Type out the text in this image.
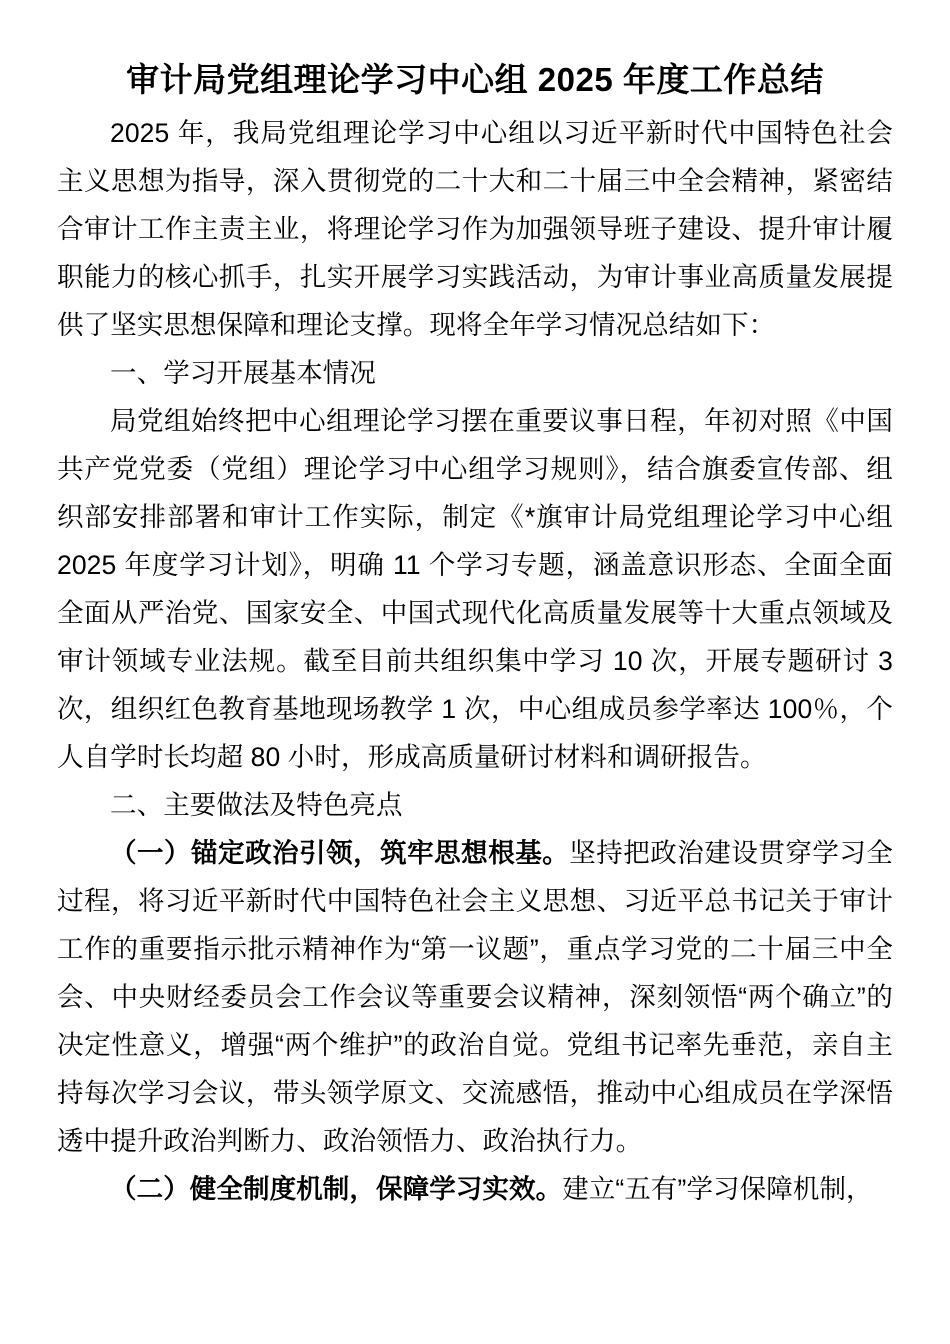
审计局党组理论学习中心组 2025 年度工作总结

2025 年，我局党组理论学习中心组以习近平新时代中国特色社会主义思想为指导，深入贯彻党的二十大和二十届三中全会精神，紧密结合审计工作主责主业，将理论学习作为加强领导班子建设、提升审计履职能力的核心抓手，扎实开展学习实践活动，为审计事业高质量发展提供了坚实思想保障和理论支撑。现将全年学习情况总结如下：

一、学习开展基本情况

局党组始终把中心组理论学习摆在重要议事日程，年初对照《中国共产党党委（党组）理论学习中心组学习规则》，结合旗委宣传部、组织部安排部署和审计工作实际，制定《*旗审计局党组理论学习中心组 2025 年度学习计划》，明确 11 个学习专题，涵盖意识形态、全面全面全面从严治党、国家安全、中国式现代化高质量发展等十大重点领域及审计领域专业法规。截至目前共组织集中学习 10 次，开展专题研讨 3 次，组织红色教育基地现场教学 1 次，中心组成员参学率达 100％，个人自学时长均超 80 小时，形成高质量研讨材料和调研报告。

二、主要做法及特色亮点

（一）锚定政治引领，筑牢思想根基。坚持把政治建设贯穿学习全过程，将习近平新时代中国特色社会主义思想、习近平总书记关于审计工作的重要指示批示精神作为“第一议题”，重点学习党的二十届三中全会、中央财经委员会工作会议等重要会议精神，深刻领悟“两个确立”的决定性意义，增强“两个维护”的政治自觉。党组书记率先垂范，亲自主持每次学习会议，带头领学原文、交流感悟，推动中心组成员在学深悟透中提升政治判断力、政治领悟力、政治执行力。

（二）健全制度机制，保障学习实效。建立“五有”学习保障机制，
